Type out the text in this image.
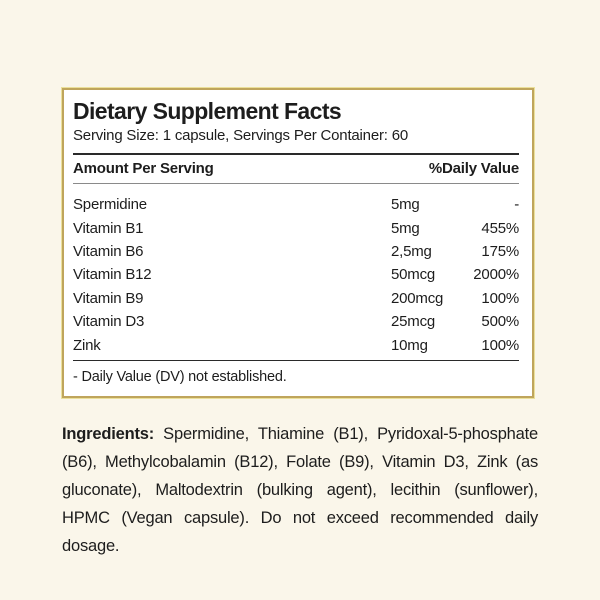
Dietary Supplement Facts
Serving Size: 1 capsule, Servings Per Container: 60
Amount Per Serving	%Daily Value
Spermidine	5mg	-
Vitamin B1	5mg	455%
Vitamin B6	2,5mg	175%
Vitamin B12	50mcg	2000%
Vitamin B9	200mcg	100%
Vitamin D3	25mcg	500%
Zink	10mg	100%
- Daily Value (DV) not established.

Ingredients: Spermidine, Thiamine (B1), Pyridoxal-5-phosphate (B6), Methylcobalamin (B12), Folate (B9), Vitamin D3, Zink (as gluconate), Maltodextrin (bulking agent), lecithin (sunflower), HPMC (Vegan capsule). Do not exceed recommended daily dosage.
